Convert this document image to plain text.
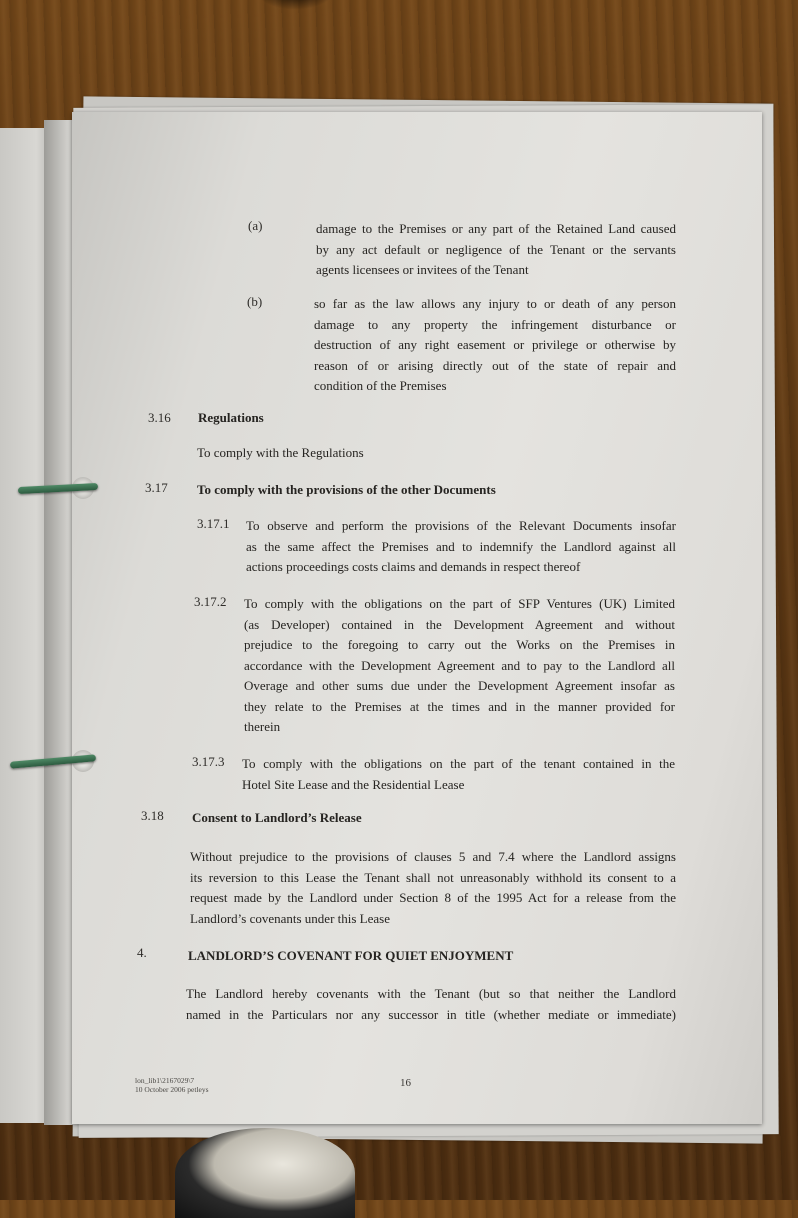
(a)	damage to the Premises or any part of the Retained Land caused
by any act default or negligence of the Tenant or the servants
agents licensees or invitees of the Tenant
(b)	so far as the law allows any injury to or death of any person
damage to any property the infringement disturbance or
destruction of any right easement or privilege or otherwise by
reason of or arising directly out of the state of repair and
condition of the Premises
3.16 Regulations
To comply with the Regulations
3.17 To comply with the provisions of the other Documents
3.17.1 To observe and perform the provisions of the Relevant Documents insofar
as the same affect the Premises and to indemnify the Landlord against all
actions proceedings costs claims and demands in respect thereof
3.17.2 To comply with the obligations on the part of SFP Ventures (UK) Limited
(as Developer) contained in the Development Agreement and without
prejudice to the foregoing to carry out the Works on the Premises in
accordance with the Development Agreement and to pay to the Landlord all
Overage and other sums due under the Development Agreement insofar as
they relate to the Premises at the times and in the manner provided for
therein
3.17.3 To comply with the obligations on the part of the tenant contained in the
Hotel Site Lease and the Residential Lease
3.18 Consent to Landlord’s Release
Without prejudice to the provisions of clauses 5 and 7.4 where the Landlord assigns
its reversion to this Lease the Tenant shall not unreasonably withhold its consent to a
request made by the Landlord under Section 8 of the 1995 Act for a release from the
Landlord’s covenants under this Lease
4.	LANDLORD’S COVENANT FOR QUIET ENJOYMENT
The Landlord hereby covenants with the Tenant (but so that neither the Landlord
named in the Particulars nor any successor in title (whether mediate or immediate)
lon_lib1\2167029\7
10 October 2006 petleys
16
